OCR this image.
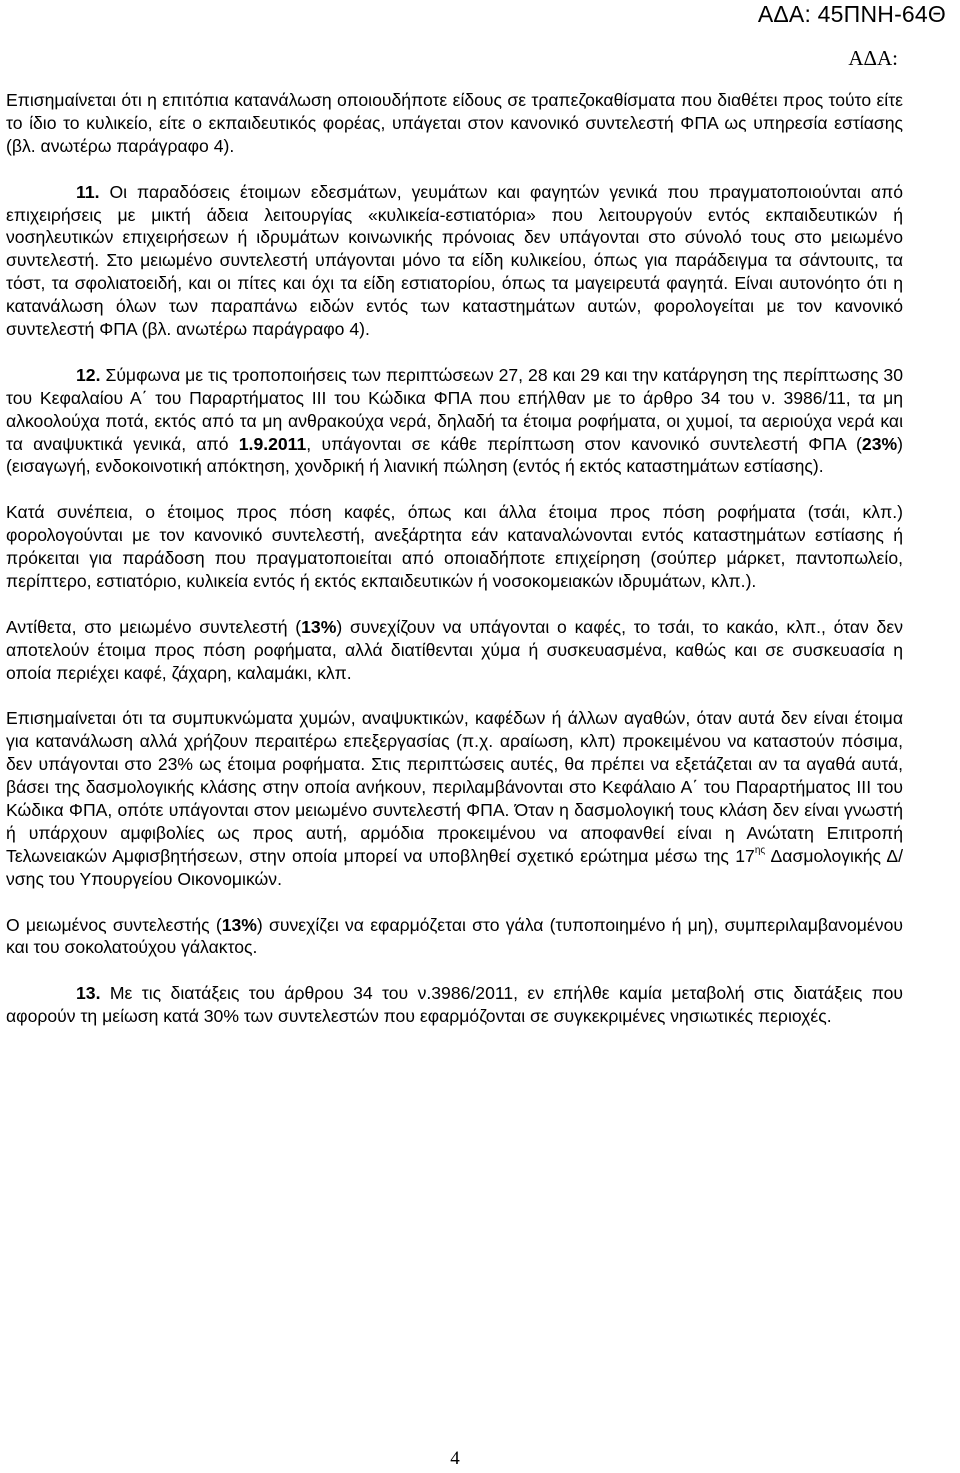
ΑΔΑ: 45ΠΝΗ-64Θ
ΑΔΑ:

Επισημαίνεται ότι η επιτόπια κατανάλωση οποιουδήποτε είδους σε τραπεζοκαθίσματα που διαθέτει προς τούτο είτε το ίδιο το κυλικείο, είτε ο εκπαιδευτικός φορέας, υπάγεται στον κανονικό συντελεστή ΦΠΑ ως υπηρεσία εστίασης (βλ. ανωτέρω παράγραφο 4).

11. Οι παραδόσεις έτοιμων εδεσμάτων, γευμάτων και φαγητών γενικά που πραγματοποιούνται από επιχειρήσεις με μικτή άδεια λειτουργίας «κυλικεία-εστιατόρια» που λειτουργούν εντός εκπαιδευτικών ή νοσηλευτικών επιχειρήσεων ή ιδρυμάτων κοινωνικής πρόνοιας δεν υπάγονται στο σύνολό τους στο μειωμένο συντελεστή. Στο μειωμένο συντελεστή υπάγονται μόνο τα είδη κυλικείου, όπως για παράδειγμα τα σάντουιτς, τα τόστ, τα σφολιατοειδή, και οι πίτες και όχι τα είδη εστιατορίου, όπως τα μαγειρευτά φαγητά. Είναι αυτονόητο ότι η κατανάλωση όλων των παραπάνω ειδών εντός των καταστημάτων αυτών, φορολογείται με τον κανονικό συντελεστή ΦΠΑ (βλ. ανωτέρω παράγραφο 4).

12. Σύμφωνα με τις τροποποιήσεις των περιπτώσεων 27, 28 και 29 και την κατάργηση της περίπτωσης 30 του Κεφαλαίου Α΄ του Παραρτήματος ΙΙΙ του Κώδικα ΦΠΑ που επήλθαν με το άρθρο 34 του ν. 3986/11, τα μη αλκοολούχα ποτά, εκτός από τα μη ανθρακούχα νερά, δηλαδή τα έτοιμα ροφήματα, οι χυμοί, τα αεριούχα νερά και τα αναψυκτικά γενικά, από 1.9.2011, υπάγονται σε κάθε περίπτωση στον κανονικό συντελεστή ΦΠΑ (23%) (εισαγωγή, ενδοκοινοτική απόκτηση, χονδρική ή λιανική πώληση (εντός ή εκτός καταστημάτων εστίασης).

Κατά συνέπεια, ο έτοιμος προς πόση καφές, όπως και άλλα έτοιμα προς πόση ροφήματα (τσάι, κλπ.) φορολογούνται με τον κανονικό συντελεστή, ανεξάρτητα εάν καταναλώνονται εντός καταστημάτων εστίασης ή πρόκειται για παράδοση που πραγματοποιείται από οποιαδήποτε επιχείρηση (σούπερ μάρκετ, παντοπωλείο, περίπτερο, εστιατόριο, κυλικεία εντός ή εκτός εκπαιδευτικών ή νοσοκομειακών ιδρυμάτων, κλπ.).

Αντίθετα, στο μειωμένο συντελεστή (13%) συνεχίζουν να υπάγονται ο καφές, το τσάι, το κακάο, κλπ., όταν δεν αποτελούν έτοιμα προς πόση ροφήματα, αλλά διατίθενται χύμα ή συσκευασμένα, καθώς και σε συσκευασία η οποία περιέχει καφέ, ζάχαρη, καλαμάκι, κλπ.

Επισημαίνεται ότι τα συμπυκνώματα χυμών, αναψυκτικών, καφέδων ή άλλων αγαθών, όταν αυτά δεν είναι έτοιμα για κατανάλωση αλλά χρήζουν περαιτέρω επεξεργασίας (π.χ. αραίωση, κλπ) προκειμένου να καταστούν πόσιμα, δεν υπάγονται στο 23% ως έτοιμα ροφήματα. Στις περιπτώσεις αυτές, θα πρέπει να εξετάζεται αν τα αγαθά αυτά, βάσει της δασμολογικής κλάσης στην οποία ανήκουν, περιλαμβάνονται στο Κεφάλαιο Α΄ του Παραρτήματος ΙΙΙ του Κώδικα ΦΠΑ, οπότε υπάγονται στον μειωμένο συντελεστή ΦΠΑ. Όταν η δασμολογική τους κλάση δεν είναι γνωστή ή υπάρχουν αμφιβολίες ως προς αυτή, αρμόδια προκειμένου να αποφανθεί είναι η Ανώτατη Επιτροπή Τελωνειακών Αμφισβητήσεων, στην οποία μπορεί να υποβληθεί σχετικό ερώτημα μέσω της $17^{\eta\varsigma}$ Δασμολογικής Δ/νσης του Υπουργείου Οικονομικών.

Ο μειωμένος συντελεστής (13%) συνεχίζει να εφαρμόζεται στο γάλα (τυποποιημένο ή μη), συμπεριλαμβανομένου και του σοκολατούχου γάλακτος.

13. Με τις διατάξεις του άρθρου 34 του ν.3986/2011, εν επήλθε καμία μεταβολή στις διατάξεις που αφορούν τη μείωση κατά 30% των συντελεστών που εφαρμόζονται σε συγκεκριμένες νησιωτικές περιοχές.

4
